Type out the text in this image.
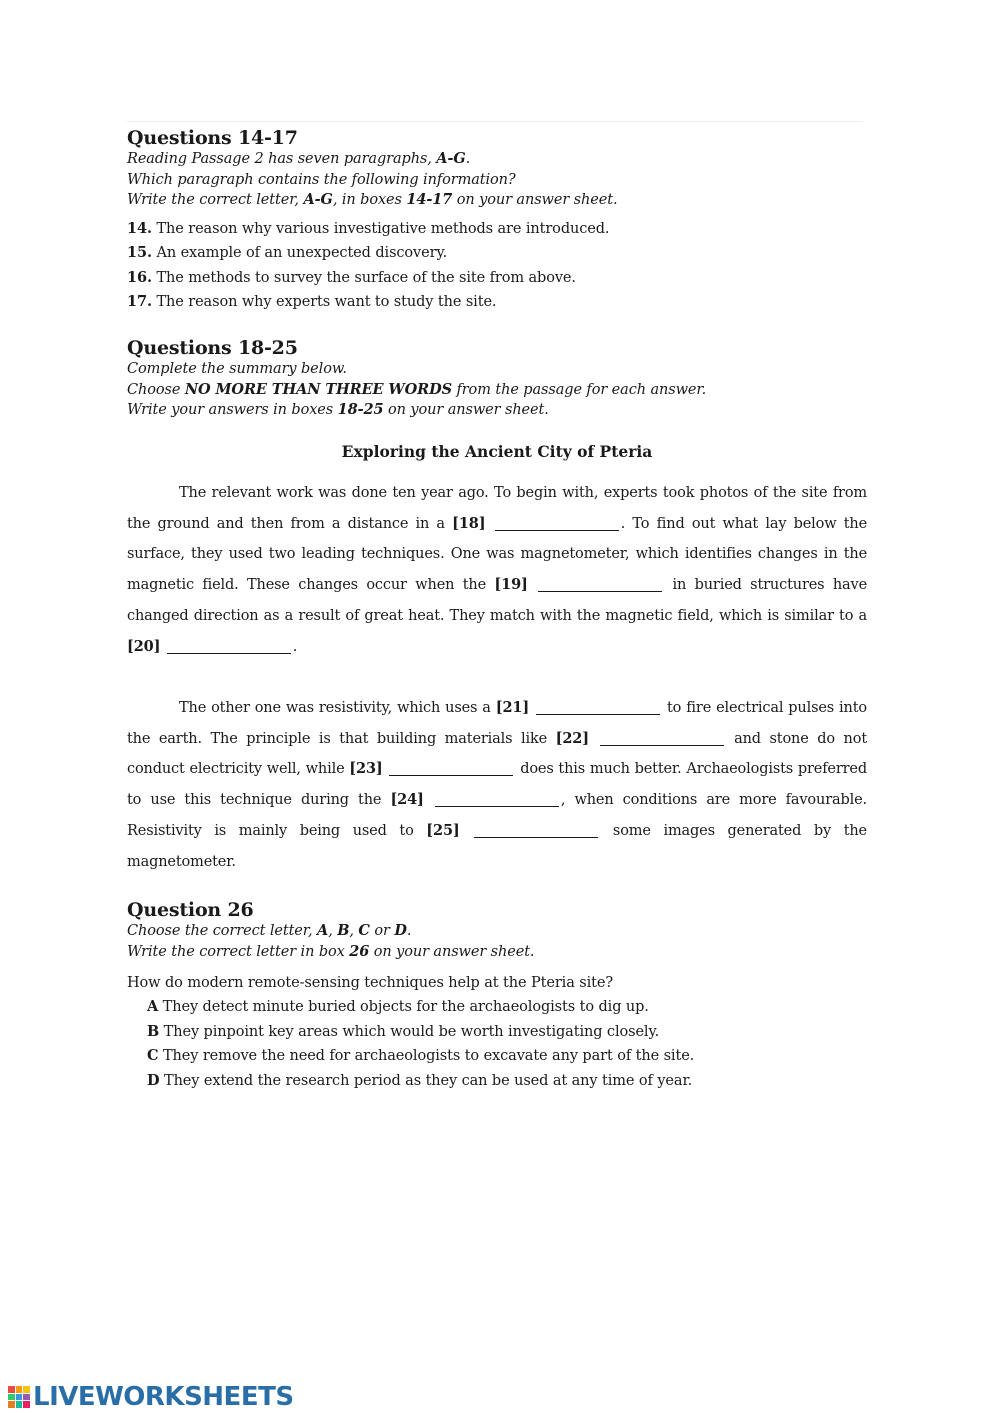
Questions 14-17
Reading Passage 2 has seven paragraphs, A-G.
Which paragraph contains the following information?
Write the correct letter, A-G, in boxes 14-17 on your answer sheet.
14. The reason why various investigative methods are introduced.
15. An example of an unexpected discovery.
16. The methods to survey the surface of the site from above.
17. The reason why experts want to study the site.
Questions 18-25
Complete the summary below.
Choose NO MORE THAN THREE WORDS from the passage for each answer.
Write your answers in boxes 18-25 on your answer sheet.
Exploring the Ancient City of Pteria
The relevant work was done ten year ago. To begin with, experts took photos of the site from the ground and then from a distance in a [18]	. To find out what lay below the surface, they used two leading techniques. One was magnetometer, which identifies changes in the magnetic field. These changes occur when the [19]	in buried structures have changed direction as a result of great heat. They match with the magnetic field, which is similar to a [20]	.
The other one was resistivity, which uses a [21]	to fire electrical pulses into the earth. The principle is that building materials like [22]	and stone do not conduct electricity well, while [23]	does this much better. Archaeologists preferred to use this technique during the [24]	, when conditions are more favourable. Resistivity is mainly being used to [25]	some images generated by the magnetometer.
Question 26
Choose the correct letter, A, B, C or D.
Write the correct letter in box 26 on your answer sheet.
How do modern remote-sensing techniques help at the Pteria site?
A They detect minute buried objects for the archaeologists to dig up.
B They pinpoint key areas which would be worth investigating closely.
C They remove the need for archaeologists to excavate any part of the site.
D They extend the research period as they can be used at any time of year.
LIVEWORKSHEETS
